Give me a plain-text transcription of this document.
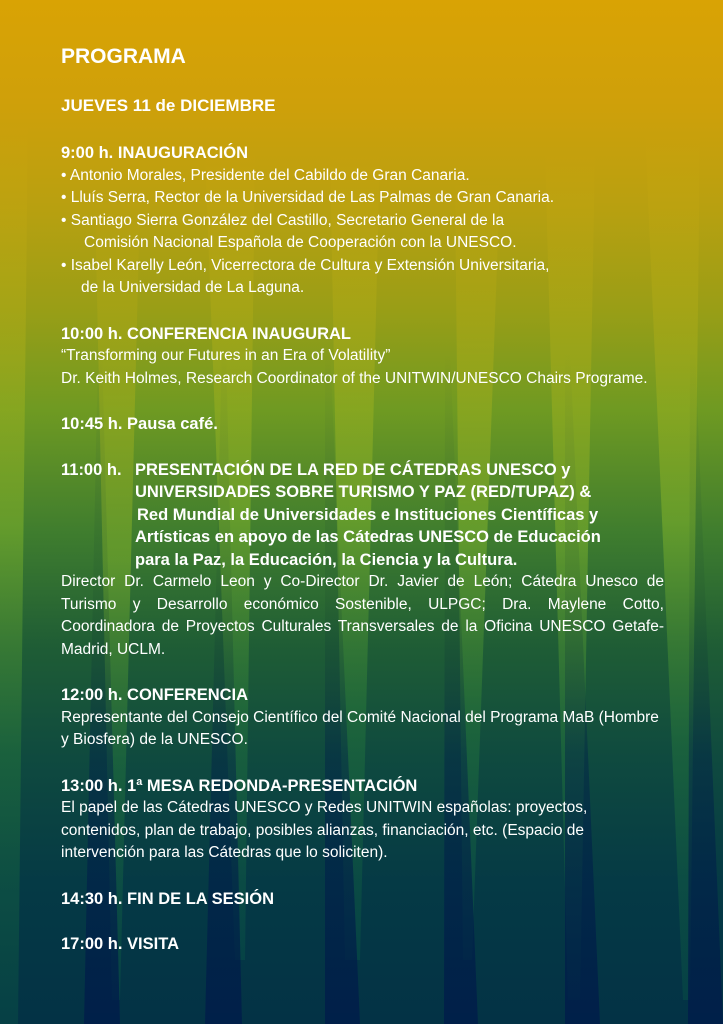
PROGRAMA
JUEVES 11 de DICIEMBRE
9:00 h. INAUGURACIÓN
• Antonio Morales, Presidente del Cabildo de Gran Canaria.
• Lluís Serra, Rector de la Universidad de Las Palmas de Gran Canaria.
• Santiago Sierra González del Castillo, Secretario General de la
Comisión Nacional Española de Cooperación con la UNESCO.
• Isabel Karelly León, Vicerrectora de Cultura y Extensión Universitaria,
de la Universidad de La Laguna.
10:00 h. CONFERENCIA INAUGURAL
“Transforming our Futures in an Era of Volatility”
Dr. Keith Holmes, Research Coordinator of the UNITWIN/UNESCO Chairs Programe.
10:45 h. Pausa café.
11:00 h. PRESENTACIÓN DE LA RED DE CÁTEDRAS UNESCO y
UNIVERSIDADES SOBRE TURISMO Y PAZ (RED/TUPAZ) &
Red Mundial de Universidades e Instituciones Científicas y
Artísticas en apoyo de las Cátedras UNESCO de Educación
para la Paz, la Educación, la Ciencia y la Cultura.
Director Dr. Carmelo Leon y Co-Director Dr. Javier de León; Cátedra Unesco de Turismo y Desarrollo económico Sostenible, ULPGC; Dra. Maylene Cotto, Coordinadora de Proyectos Culturales Transversales de la Oficina UNESCO Getafe-Madrid, UCLM.
12:00 h. CONFERENCIA
Representante del Consejo Científico del Comité Nacional del Programa MaB (Hombre y Biosfera) de la UNESCO.
13:00 h. 1ª MESA REDONDA-PRESENTACIÓN
El papel de las Cátedras UNESCO y Redes UNITWIN españolas: proyectos, contenidos, plan de trabajo, posibles alianzas, financiación, etc. (Espacio de intervención para las Cátedras que lo soliciten).
14:30 h. FIN DE LA SESIÓN
17:00 h. VISITA
